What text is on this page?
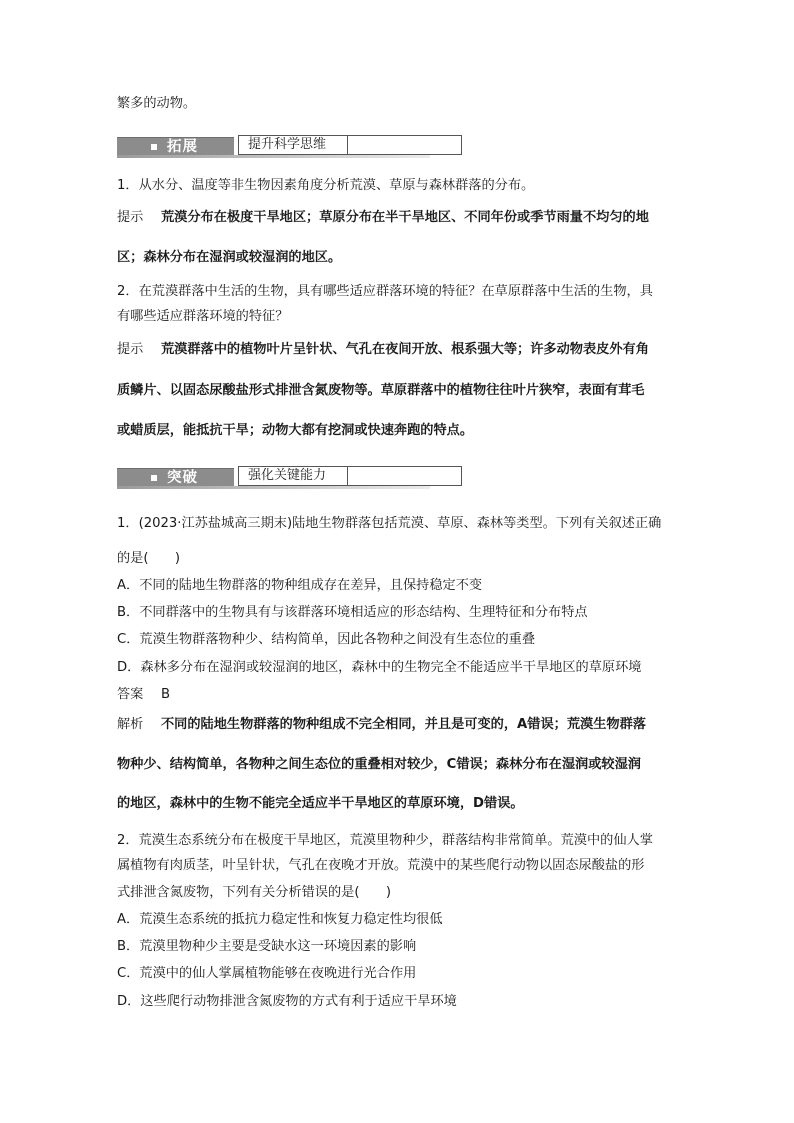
繁多的动物。
拓展	提升科学思维
1．从水分、温度等非生物因素角度分析荒漠、草原与森林群落的分布。
提示 荒漠分布在极度干旱地区；草原分布在半干旱地区、不同年份或季节雨量不均匀的地
区；森林分布在湿润或较湿润的地区。
2．在荒漠群落中生活的生物，具有哪些适应群落环境的特征？在草原群落中生活的生物，具
有哪些适应群落环境的特征？
提示 荒漠群落中的植物叶片呈针状、气孔在夜间开放、根系强大等；许多动物表皮外有角
质鳞片、以固态尿酸盐形式排泄含氮废物等。草原群落中的植物往往叶片狭窄，表面有茸毛
或蜡质层，能抵抗干旱；动物大都有挖洞或快速奔跑的特点。
突破	强化关键能力
1．(2023·江苏盐城高三期末)陆地生物群落包括荒漠、草原、森林等类型。下列有关叙述正确
的是(　　)
A．不同的陆地生物群落的物种组成存在差异，且保持稳定不变
B．不同群落中的生物具有与该群落环境相适应的形态结构、生理特征和分布特点
C．荒漠生物群落物种少、结构简单，因此各物种之间没有生态位的重叠
D．森林多分布在湿润或较湿润的地区，森林中的生物完全不能适应半干旱地区的草原环境
答案 B
解析 不同的陆地生物群落的物种组成不完全相同，并且是可变的，A错误；荒漠生物群落
物种少、结构简单，各物种之间生态位的重叠相对较少，C错误；森林分布在湿润或较湿润
的地区，森林中的生物不能完全适应半干旱地区的草原环境，D错误。
2．荒漠生态系统分布在极度干旱地区，荒漠里物种少，群落结构非常简单。荒漠中的仙人掌
属植物有肉质茎，叶呈针状，气孔在夜晚才开放。荒漠中的某些爬行动物以固态尿酸盐的形
式排泄含氮废物，下列有关分析错误的是(　　)
A．荒漠生态系统的抵抗力稳定性和恢复力稳定性均很低
B．荒漠里物种少主要是受缺水这一环境因素的影响
C．荒漠中的仙人掌属植物能够在夜晚进行光合作用
D．这些爬行动物排泄含氮废物的方式有利于适应干旱环境
